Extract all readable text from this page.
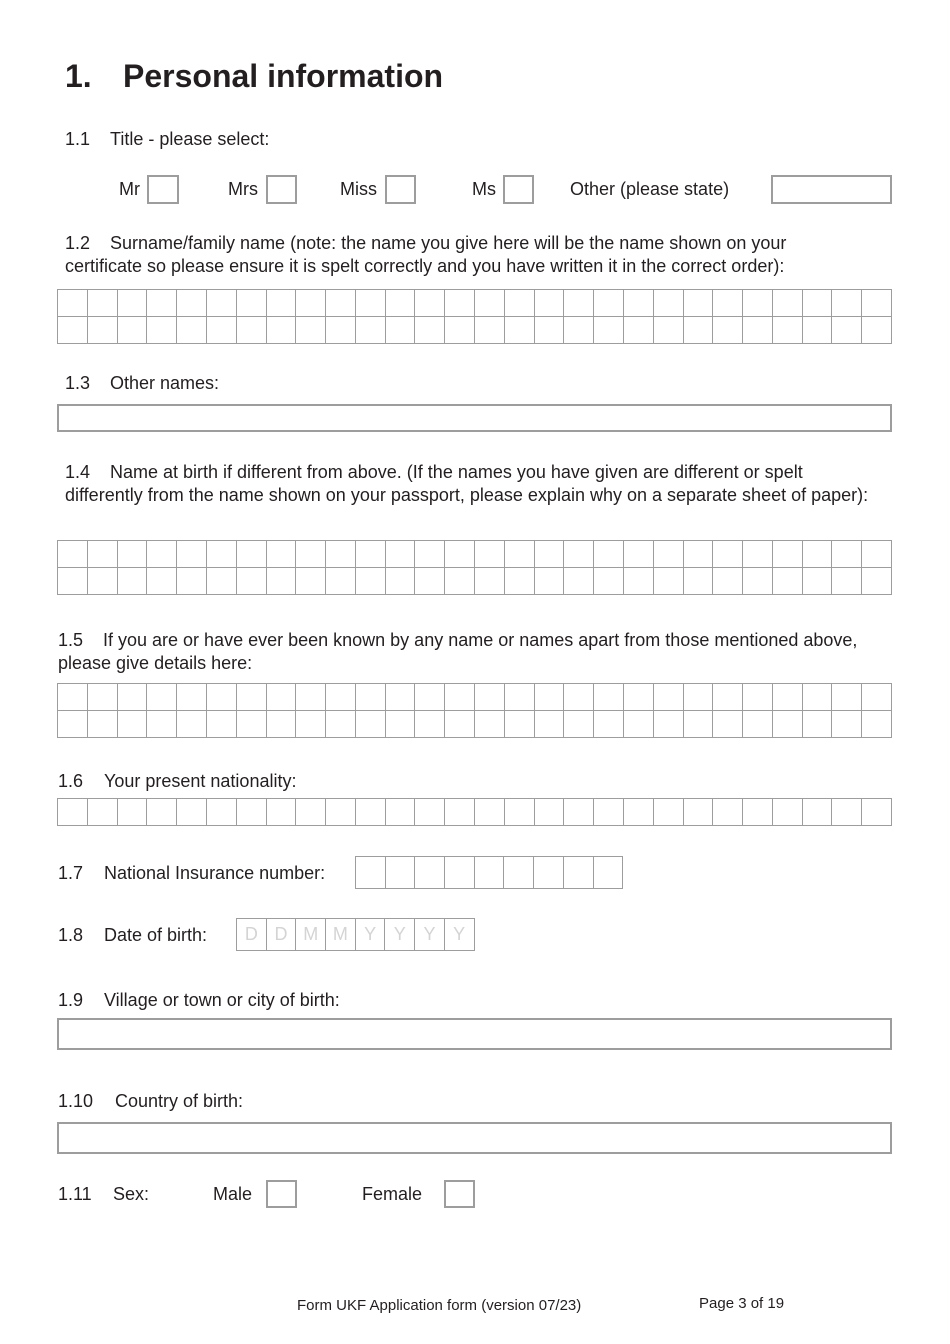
1. Personal information
1.1 Title - please select:
Mr	Mrs	Miss	Ms	Other (please state)
1.2 Surname/family name (note: the name you give here will be the name shown on your certificate so please ensure it is spelt correctly and you have written it in the correct order):
1.3 Other names:
1.4 Name at birth if different from above. (If the names you have given are different or spelt differently from the name shown on your passport, please explain why on a separate sheet of paper):
1.5 If you are or have ever been known by any name or names apart from those mentioned above, please give details here:
1.6 Your present nationality:
1.7 National Insurance number:
1.8 Date of birth:	D D M M Y Y Y Y
1.9 Village or town or city of birth:
1.10 Country of birth:
1.11 Sex:	Male	Female
Form UKF Application form (version 07/23)	Page 3 of 19
